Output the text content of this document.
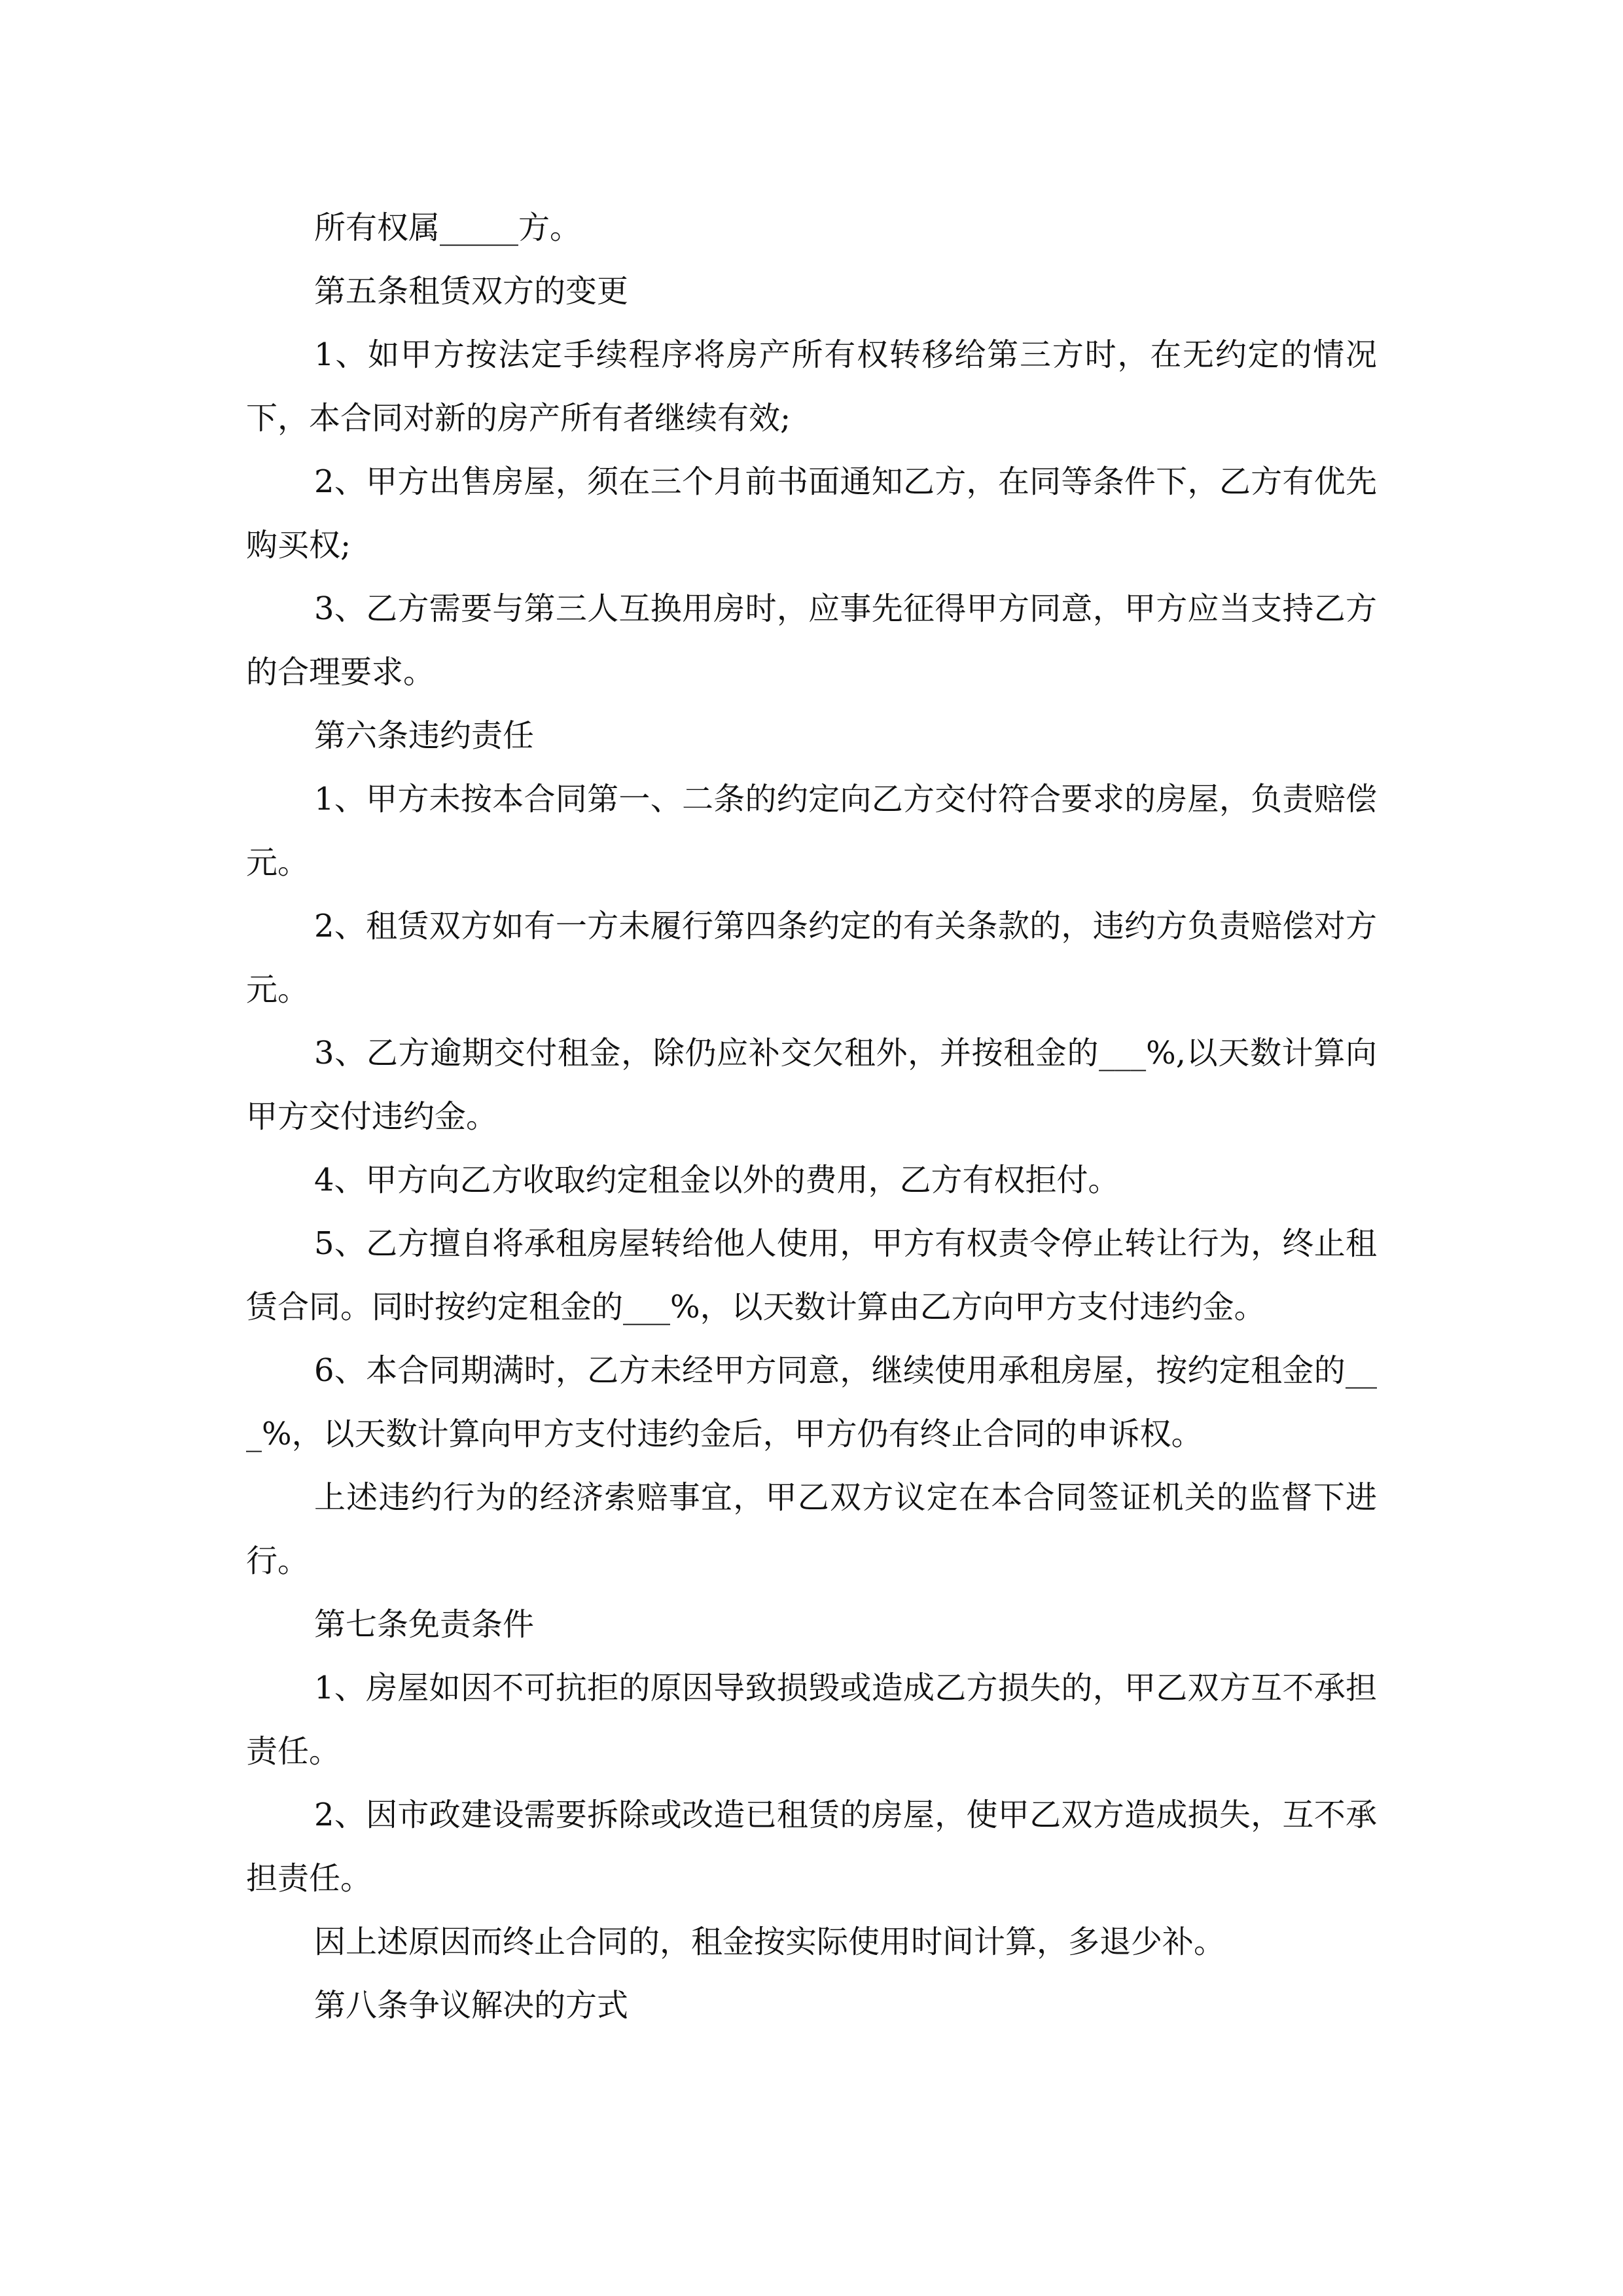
所有权属_____方。

第五条租赁双方的变更

1、如甲方按法定手续程序将房产所有权转移给第三方时，在无约定的情况下，本合同对新的房产所有者继续有效;

2、甲方出售房屋，须在三个月前书面通知乙方，在同等条件下，乙方有优先购买权;

3、乙方需要与第三人互换用房时，应事先征得甲方同意，甲方应当支持乙方的合理要求。

第六条违约责任

1、甲方未按本合同第一、二条的约定向乙方交付符合要求的房屋，负责赔偿元。

2、租赁双方如有一方未履行第四条约定的有关条款的，违约方负责赔偿对方元。

3、乙方逾期交付租金，除仍应补交欠租外，并按租金的___%,以天数计算向甲方交付违约金。

4、甲方向乙方收取约定租金以外的费用，乙方有权拒付。

5、乙方擅自将承租房屋转给他人使用，甲方有权责令停止转让行为，终止租赁合同。同时按约定租金的___%，以天数计算由乙方向甲方支付违约金。

6、本合同期满时，乙方未经甲方同意，继续使用承租房屋，按约定租金的___%，以天数计算向甲方支付违约金后，甲方仍有终止合同的申诉权。

上述违约行为的经济索赔事宜，甲乙双方议定在本合同签证机关的监督下进行。

第七条免责条件

1、房屋如因不可抗拒的原因导致损毁或造成乙方损失的，甲乙双方互不承担责任。

2、因市政建设需要拆除或改造已租赁的房屋，使甲乙双方造成损失，互不承担责任。

因上述原因而终止合同的，租金按实际使用时间计算，多退少补。

第八条争议解决的方式
